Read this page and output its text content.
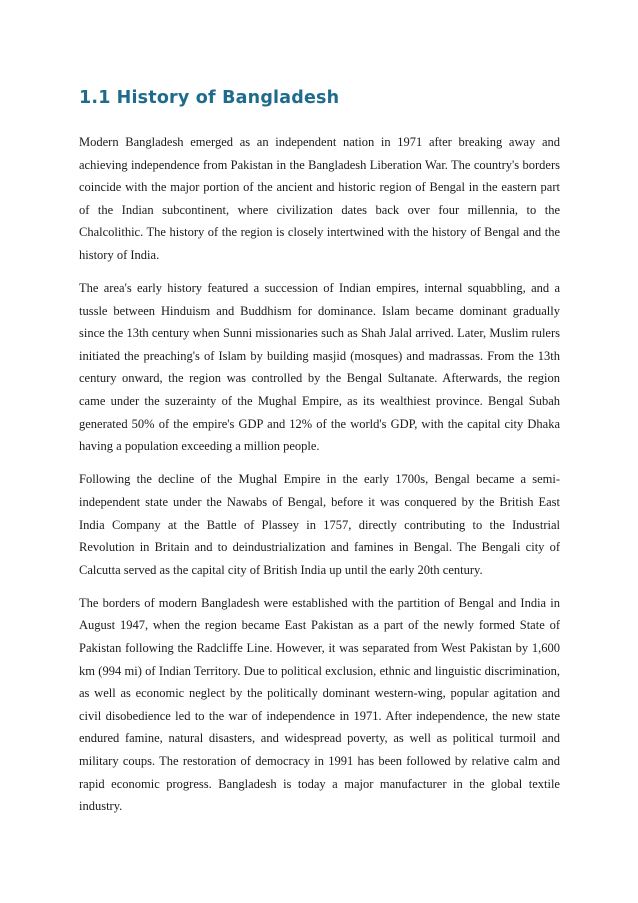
1.1 History of Bangladesh

Modern Bangladesh emerged as an independent nation in 1971 after breaking away and achieving independence from Pakistan in the Bangladesh Liberation War. The country's borders coincide with the major portion of the ancient and historic region of Bengal in the eastern part of the Indian subcontinent, where civilization dates back over four millennia, to the Chalcolithic. The history of the region is closely intertwined with the history of Bengal and the history of India.

The area's early history featured a succession of Indian empires, internal squabbling, and a tussle between Hinduism and Buddhism for dominance. Islam became dominant gradually since the 13th century when Sunni missionaries such as Shah Jalal arrived. Later, Muslim rulers initiated the preaching's of Islam by building masjid (mosques) and madrassas. From the 13th century onward, the region was controlled by the Bengal Sultanate. Afterwards, the region came under the suzerainty of the Mughal Empire, as its wealthiest province. Bengal Subah generated 50% of the empire's GDP and 12% of the world's GDP, with the capital city Dhaka having a population exceeding a million people.

Following the decline of the Mughal Empire in the early 1700s, Bengal became a semi-independent state under the Nawabs of Bengal, before it was conquered by the British East India Company at the Battle of Plassey in 1757, directly contributing to the Industrial Revolution in Britain and to deindustrialization and famines in Bengal. The Bengali city of Calcutta served as the capital city of British India up until the early 20th century.

The borders of modern Bangladesh were established with the partition of Bengal and India in August 1947, when the region became East Pakistan as a part of the newly formed State of Pakistan following the Radcliffe Line. However, it was separated from West Pakistan by 1,600 km (994 mi) of Indian Territory. Due to political exclusion, ethnic and linguistic discrimination, as well as economic neglect by the politically dominant western-wing, popular agitation and civil disobedience led to the war of independence in 1971. After independence, the new state endured famine, natural disasters, and widespread poverty, as well as political turmoil and military coups. The restoration of democracy in 1991 has been followed by relative calm and rapid economic progress. Bangladesh is today a major manufacturer in the global textile industry.
